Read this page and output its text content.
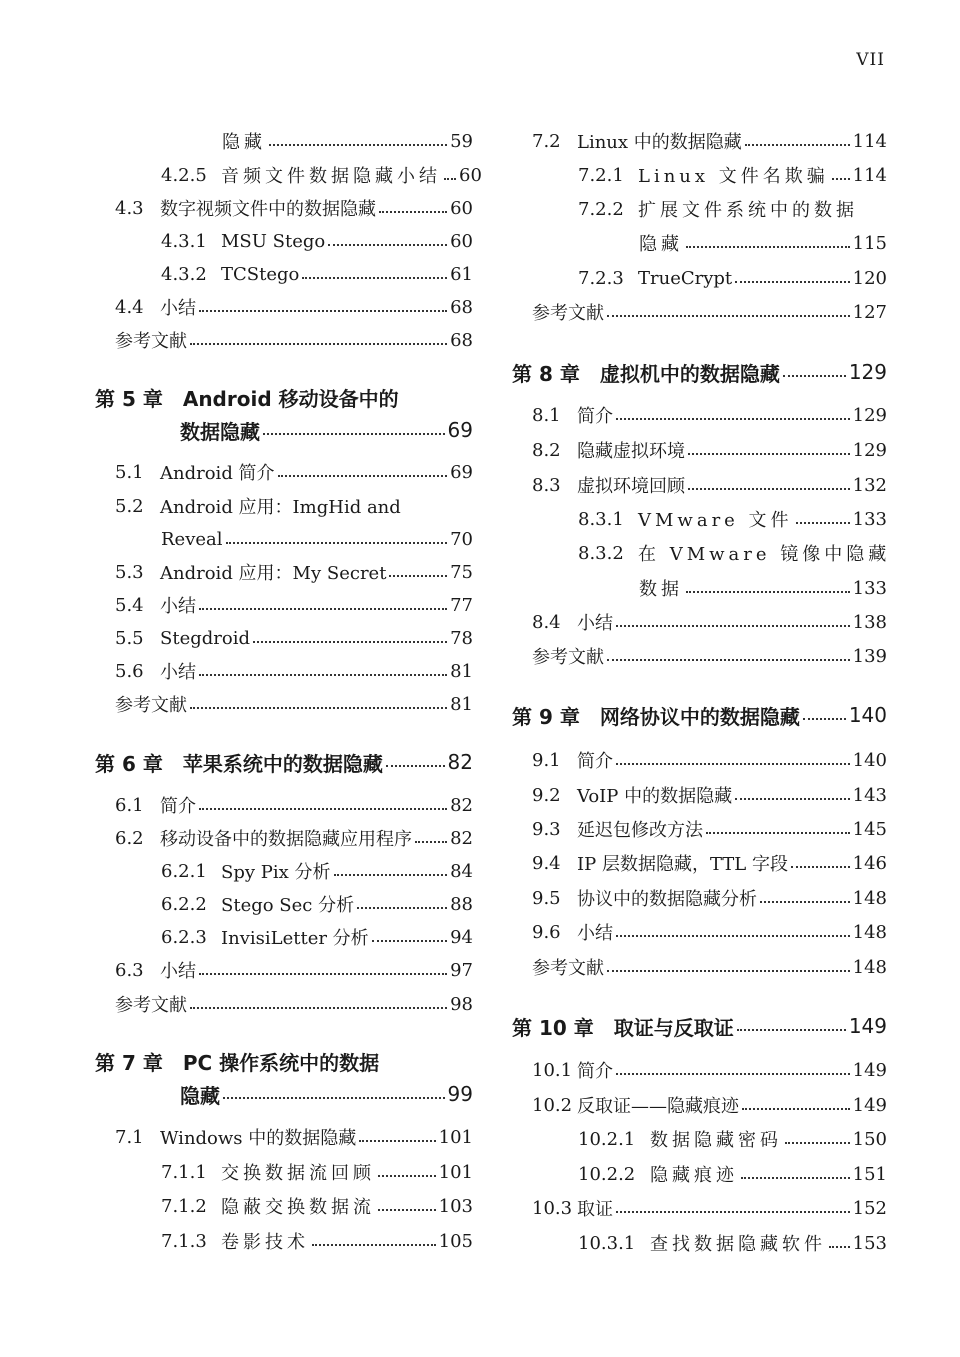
VII
隐藏	59
4.2.5 音频文件数据隐藏小结 60
4.3 数字视频文件中的数据隐藏	60
4.3.1 MSU Stego	60
4.3.2 TCStego	61
4.4 小结	68
参考文献	68
第 5 章 Android 移动设备中的
数据隐藏	69
5.1 Android 简介	69
5.2 Android 应用：ImgHid and
Reveal	70
5.3 Android 应用：My Secret	75
5.4 小结	77
5.5 Stegdroid	78
5.6 小结	81
参考文献	81
第 6 章 苹果系统中的数据隐藏	82
6.1 简介	82
6.2 移动设备中的数据隐藏应用程序 82
6.2.1 Spy Pix 分析	84
6.2.2 Stego Sec 分析	88
6.2.3 InvisiLetter 分析	94
6.3 小结	97
参考文献	98
第 7 章 PC 操作系统中的数据
隐藏	99
7.1 Windows 中的数据隐藏	101
7.1.1 交换数据流回顾	101
7.1.2 隐蔽交换数据流	103
7.1.3 卷影技术	105
7.2 Linux 中的数据隐藏	114
7.2.1 Linux 文件名欺骗 114
7.2.2 扩展文件系统中的数据
隐藏	115
7.2.3 TrueCrypt	120
参考文献	127
第 8 章 虚拟机中的数据隐藏	129
8.1 简介	129
8.2 隐藏虚拟环境	129
8.3 虚拟环境回顾	132
8.3.1 VMware 文件	133
8.3.2 在 VMware 镜像中隐藏
数据	133
8.4 小结	138
参考文献	139
第 9 章 网络协议中的数据隐藏 140
9.1 简介	140
9.2 VoIP 中的数据隐藏	143
9.3 延迟包修改方法	145
9.4 IP 层数据隐藏，TTL 字段	146
9.5 协议中的数据隐藏分析	148
9.6 小结	148
参考文献	148
第 10 章 取证与反取证	149
10.1 简介	149
10.2 反取证——隐藏痕迹	149
10.2.1 数据隐藏密码	150
10.2.2 隐藏痕迹	151
10.3 取证	152
10.3.1 查找数据隐藏软件 153
